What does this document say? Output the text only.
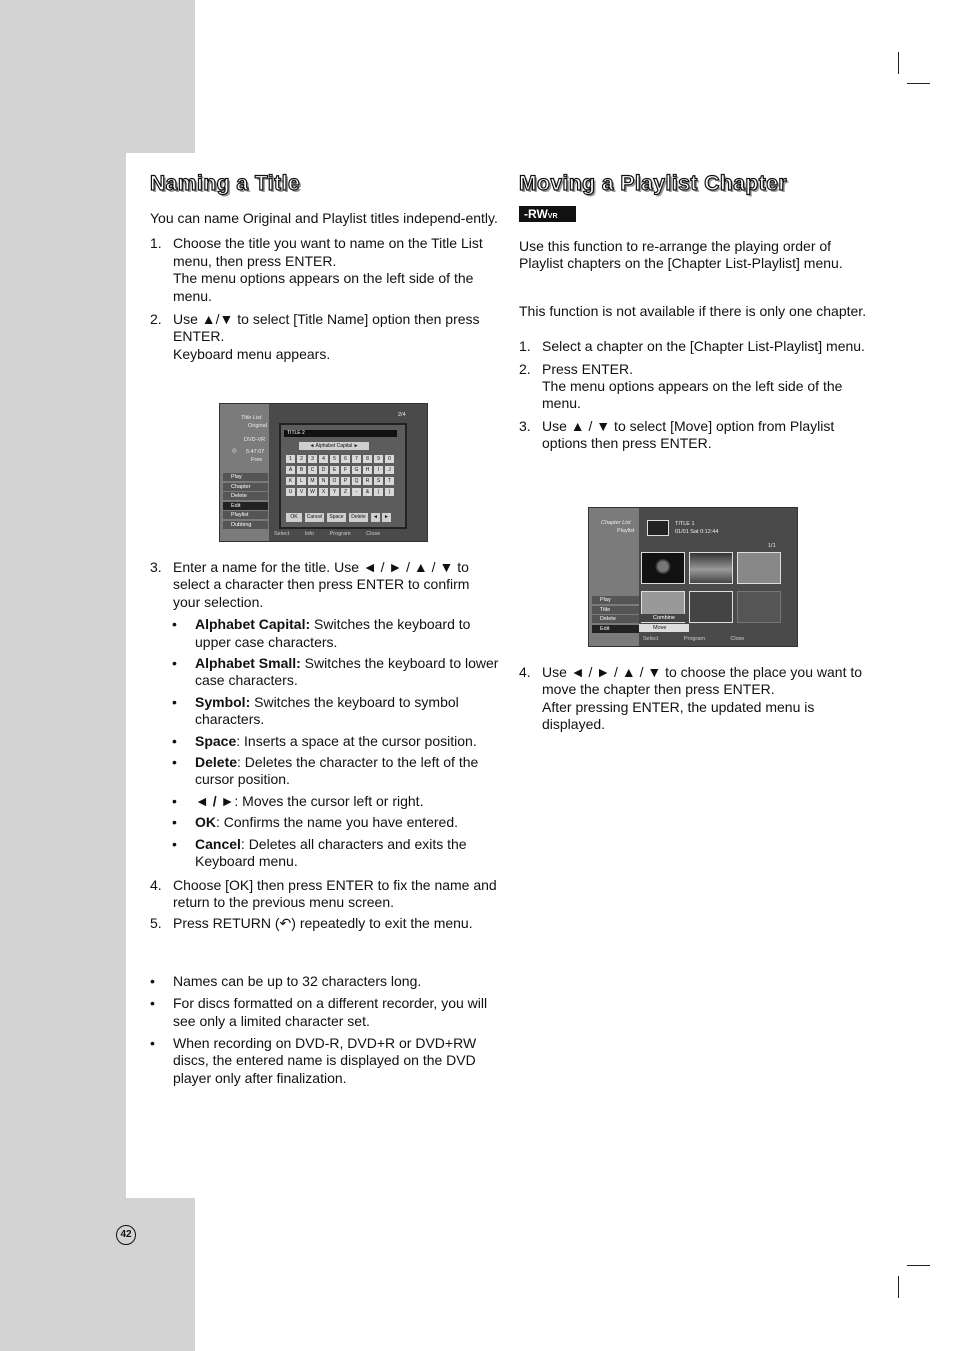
Naming a Title

You can name Original and Playlist titles independ-ently.

1. Choose the title you want to name on the Title List menu, then press ENTER.

The menu options appears on the left side of the menu.

2. Use ▲/▼ to select [Title Name] option then press ENTER.

Keyboard menu appears.

Title List
Original
DVD-VR
◎ 5:47:07
Free
2/4
Play
Chapter
Delete
Edit
Playlist
Dubbing
TITLE 2
◄ Alphabet Capital ►
1	2	3	4	5	6	7	8	9	0
A	B	C	D	E	F	G	H	I	J
K	L	M	N	O	P	Q	R	S	T
U	V	W	X	Y	Z	-	&	(	)
OK	Cancel	Space	Delete	◄	►
Select Info Program Close
3. Enter a name for the title. Use ◄ / ► / ▲ / ▼ to select a character then press ENTER to confirm your selection.

• Alphabet Capital: Switches the keyboard to upper case characters.
• Alphabet Small: Switches the keyboard to lower case characters.
• Symbol: Switches the keyboard to symbol characters.
• Space: Inserts a space at the cursor position.
• Delete: Deletes the character to the left of the cursor position.
• ◄ / ►: Moves the cursor left or right.
• OK: Confirms the name you have entered.
• Cancel: Deletes all characters and exits the Keyboard menu.
4. Choose [OK] then press ENTER to fix the name and return to the previous menu screen.

5. Press RETURN (↶) repeatedly to exit the menu.

• Names can be up to 32 characters long.

• For discs formatted on a different recorder, you will see only a limited character set.

• When recording on DVD-R, DVD+R or DVD+RW discs, the entered name is displayed on the DVD player only after finalization.

Moving a Playlist Chapter
-RWVR

Use this function to re-arrange the playing order of Playlist chapters on the [Chapter List-Playlist] menu.

This function is not available if there is only one chapter.

1. Select a chapter on the [Chapter List-Playlist] menu.

2. Press ENTER.

The menu options appears on the left side of the menu.

3. Use ▲ / ▼ to select [Move] option from Playlist options then press ENTER.

Chapter List
Playlist
TITLE 1
01/01 Sat 0:12:44
1/1
Play
Title
Delete
Edit
Combine
Move
Select Program Close
4. Use ◄ / ► / ▲ / ▼ to choose the place you want to move the chapter then press ENTER.

After pressing ENTER, the updated menu is displayed.

42
